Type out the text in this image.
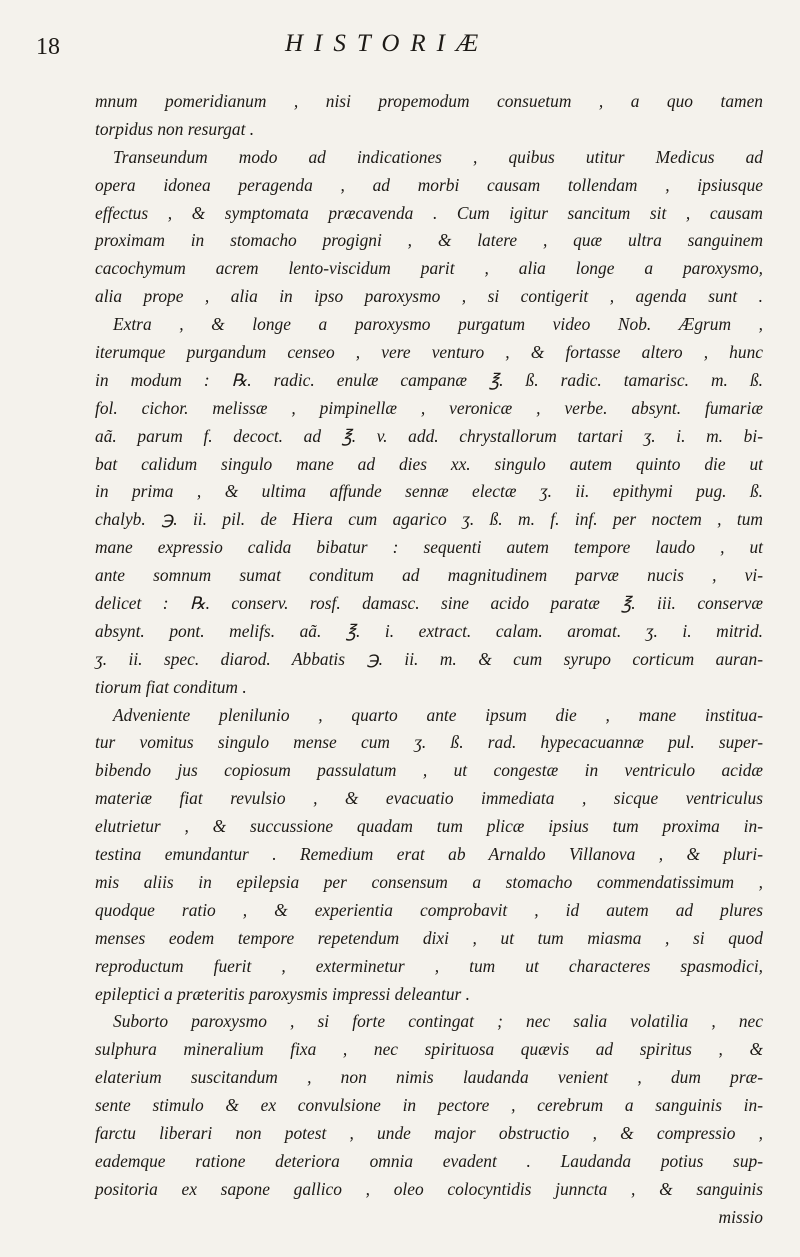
18	HISTORIÆ
mnum pomeridianum , nisi propemodum consuetum , a quo tamen
torpidus non resurgat .
Transeundum modo ad indicationes , quibus utitur Medicus ad
opera idonea peragenda , ad morbi causam tollendam , ipsiusque
effectus , & symptomata præcavenda . Cum igitur sancitum sit , causam
proximam in stomacho progigni , & latere , quæ ultra sanguinem
cacochymum acrem lento-viscidum parit , alia longe a paroxysmo,
alia prope , alia in ipso paroxysmo , si contigerit , agenda sunt .
Extra , & longe a paroxysmo purgatum video Nob. Ægrum ,
iterumque purgandum censeo , vere venturo , & fortasse altero , hunc
in modum : ℞. radic. enulæ campanæ ℥. ß. radic. tamarisc. m. ß.
fol. cichor. melissæ , pimpinellæ , veronicæ , verbe. absynt. fumariæ
aã. parum f. decoct. ad ℥. v. add. chrystallorum tartari ʒ. i. m. bi-
bat calidum singulo mane ad dies xx. singulo autem quinto die ut
in prima , & ultima affunde sennæ electæ ʒ. ii. epithymi pug. ß.
chalyb. ℈. ii. pil. de Hiera cum agarico ʒ. ß. m. f. inf. per noctem , tum
mane expressio calida bibatur : sequenti autem tempore laudo , ut
ante somnum sumat conditum ad magnitudinem parvæ nucis , vi-
delicet : ℞. conserv. rosf. damasc. sine acido paratæ ℥. iii. conservæ
absynt. pont. melifs. aã. ℥. i. extract. calam. aromat. ʒ. i. mitrid.
ʒ. ii. spec. diarod. Abbatis ℈. ii. m. & cum syrupo corticum auran-
tiorum fiat conditum .
Adveniente plenilunio , quarto ante ipsum die , mane instituа-
tur vomitus singulo mense cum ʒ. ß. rad. hypecacuannæ pul. super-
bibendo jus copiosum passulatum , ut congestæ in ventriculo acidæ
materiæ fiat revulsio , & evacuatio immediata , sicque ventriculus
elutrietur , & succussione quadam tum plicæ ipsius tum proxima in-
testina emundantur . Remedium erat ab Arnaldo Villanova , & pluri-
mis aliis in epilepsia per consensum a stomacho commendatissimum ,
quodque ratio , & experientia comprobavit , id autem ad plures
menses eodem tempore repetendum dixi , ut tum miasma , si quod
reproductum fuerit , exterminetur , tum ut characteres spasmodici,
epileptici a præteritis paroxysmis impressi deleantur .
Suborto paroxysmo , si forte contingat ; nec salia volatilia , nec
sulphura mineralium fixa , nec spirituosa quævis ad spiritus , &
elaterium suscitandum , non nimis laudanda venient , dum præ-
sente stimulo & ex convulsione in pectore , cerebrum a sanguinis in-
farctu liberari non potest , unde major obstructio , & compressio ,
eademque ratione deteriora omnia evadent . Laudanda potius sup-
positoria ex sapone gallico , oleo colocyntidis junncta , & sanguinis
missio
